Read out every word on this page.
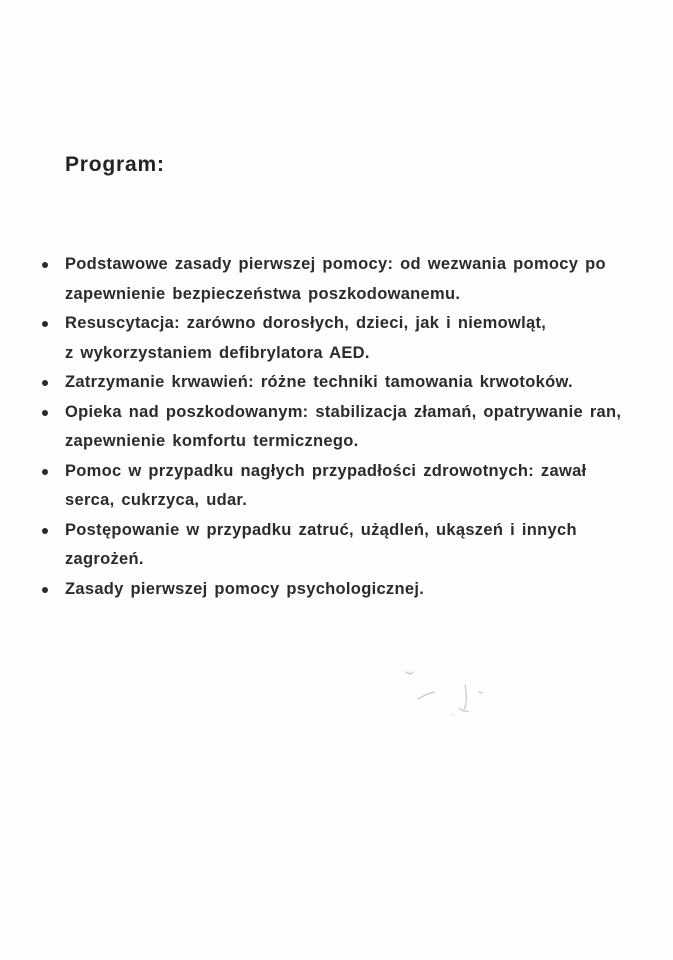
Program:
Podstawowe zasady pierwszej pomocy: od wezwania pomocy po
zapewnienie bezpieczeństwa poszkodowanemu.
Resuscytacja: zarówno dorosłych, dzieci, jak i niemowląt,
z wykorzystaniem defibrylatora AED.
Zatrzymanie krwawień: różne techniki tamowania krwotoków.
Opieka nad poszkodowanym: stabilizacja złamań, opatrywanie ran,
zapewnienie komfortu termicznego.
Pomoc w przypadku nagłych przypadłości zdrowotnych: zawał
serca, cukrzyca, udar.
Postępowanie w przypadku zatruć, użądleń, ukąszeń i innych
zagrożeń.
Zasady pierwszej pomocy psychologicznej.
